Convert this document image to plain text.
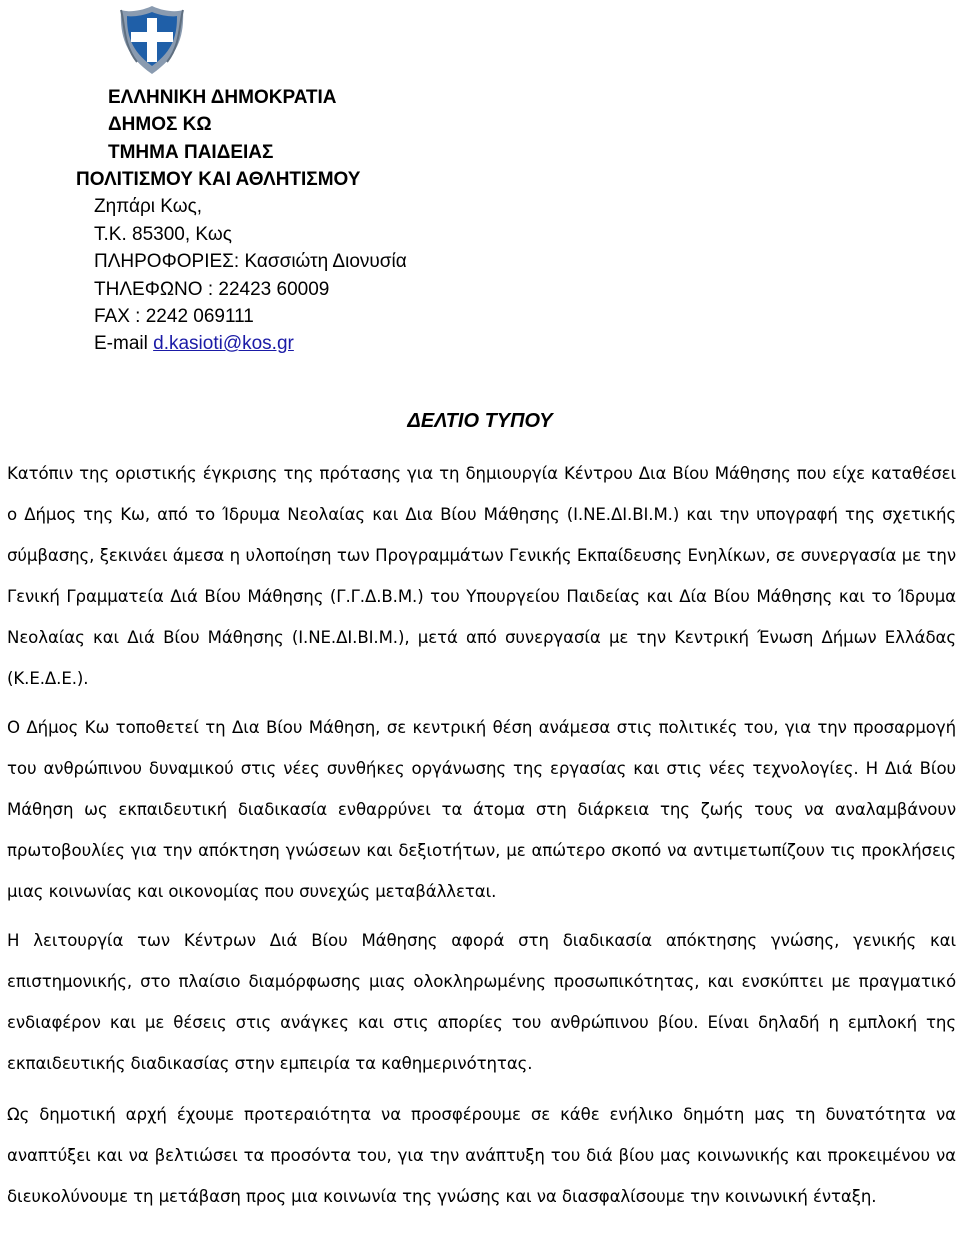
ΕΛΛΗΝΙΚΗ ΔΗΜΟΚΡΑΤΙΑ
ΔΗΜΟΣ ΚΩ
ΤΜΗΜΑ ΠΑΙΔΕΙΑΣ
ΠΟΛΙΤΙΣΜΟΥ ΚΑΙ ΑΘΛΗΤΙΣΜΟΥ
Ζηπάρι Κως,
Τ.Κ. 85300, Κως
ΠΛΗΡΟΦΟΡΙΕΣ: Κασσιώτη Διονυσία
ΤΗΛΕΦΩΝΟ : 22423 60009
FAX : 2242 069111
E-mail d.kasioti@kos.gr
ΔΕΛΤΙΟ ΤΥΠΟΥ

Κατόπιν της οριστικής έγκρισης της πρότασης για τη δημιουργία Κέντρου Δια Βίου Μάθησης που είχε καταθέσει ο Δήμος της Κω, από το Ίδρυμα Νεολαίας και Δια Βίου Μάθησης (Ι.ΝΕ.ΔΙ.ΒΙ.Μ.) και την υπογραφή της σχετικής σύμβασης, ξεκινάει άμεσα η υλοποίηση των Προγραμμάτων Γενικής Εκπαίδευσης Ενηλίκων, σε συνεργασία με την Γενική Γραμματεία Διά Βίου Μάθησης (Γ.Γ.Δ.Β.Μ.) του Υπουργείου Παιδείας και Δία Βίου Μάθησης και το Ίδρυμα Νεολαίας και Διά Βίου Μάθησης (Ι.ΝΕ.ΔΙ.ΒΙ.Μ.), μετά από συνεργασία με την Κεντρική Ένωση Δήμων Ελλάδας (Κ.Ε.Δ.Ε.).

Ο Δήμος Κω τοποθετεί τη Δια Βίου Μάθηση, σε κεντρική θέση ανάμεσα στις πολιτικές του, για την προσαρμογή του ανθρώπινου δυναμικού στις νέες συνθήκες οργάνωσης της εργασίας και στις νέες τεχνολογίες. Η Διά Βίου Μάθηση ως εκπαιδευτική διαδικασία ενθαρρύνει τα άτομα στη διάρκεια της ζωής τους να αναλαμβάνουν πρωτοβουλίες για την απόκτηση γνώσεων και δεξιοτήτων, με απώτερο σκοπό να αντιμετωπίζουν τις προκλήσεις μιας κοινωνίας και οικονομίας που συνεχώς μεταβάλλεται.

Η λειτουργία των Κέντρων Διά Βίου Μάθησης αφορά στη διαδικασία απόκτησης γνώσης, γενικής και επιστημονικής, στο πλαίσιο διαμόρφωσης μιας ολοκληρωμένης προσωπικότητας, και ενσκύπτει με πραγματικό ενδιαφέρον και με θέσεις στις ανάγκες και στις απορίες του ανθρώπινου βίου. Είναι δηλαδή η εμπλοκή της εκπαιδευτικής διαδικασίας στην εμπειρία τα καθημερινότητας.

Ως δημοτική αρχή έχουμε προτεραιότητα να προσφέρουμε σε κάθε ενήλικο δημότη μας τη δυνατότητα να αναπτύξει και να βελτιώσει τα προσόντα του, για την ανάπτυξη του διά βίου μας κοινωνικής και προκειμένου να διευκολύνουμε τη μετάβαση προς μια κοινωνία της γνώσης και να διασφαλίσουμε την κοινωνική ένταξη.
